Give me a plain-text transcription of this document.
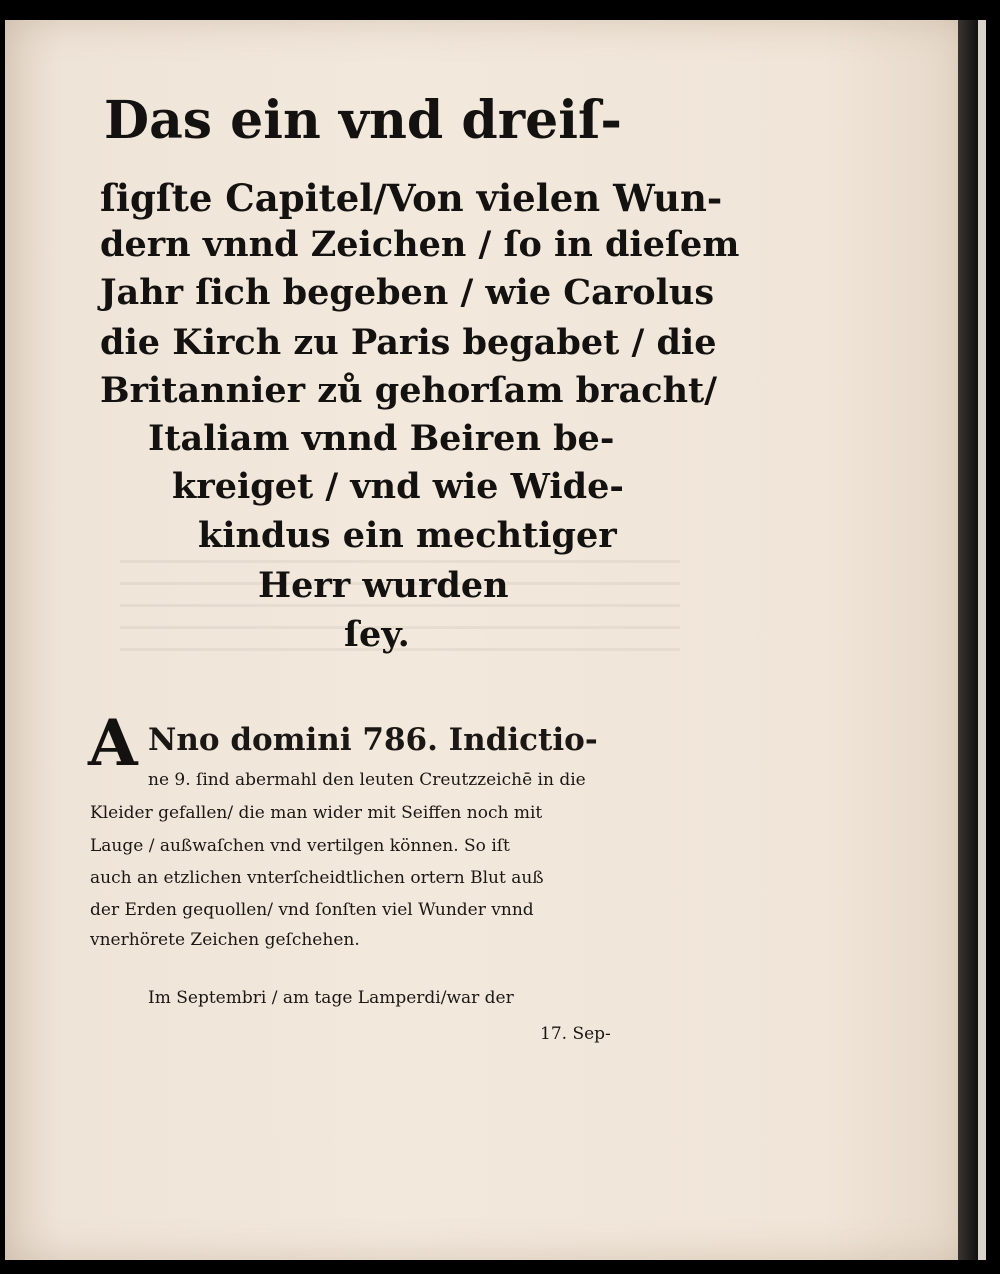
Das ein vnd dreiſ-
ſigſte Capitel/Von vielen Wun-
dern vnnd Zeichen / ſo in dieſem
Jahr ſich begeben / wie Carolus
die Kirch zu Paris begabet / die
Britannier zů gehorſam bracht/
Italiam vnnd Beiren be-
kreiget / vnd wie Wide-
kindus ein mechtiger
Herr wurden
ſey.
A Nno domini 786. Indictio-
ne 9. ſind abermahl den leuten Creutzzeichē in die
Kleider gefallen/ die man wider mit Seiffen noch mit
Lauge / außwaſchen vnd vertilgen können. So iſt
auch an etzlichen vnterſcheidtlichen ortern Blut auß
der Erden gequollen/ vnd ſonſten viel Wunder vnnd
vnerhörete Zeichen geſchehen.
Im Septembri / am tage Lamperdi/war der
17. Sep-
